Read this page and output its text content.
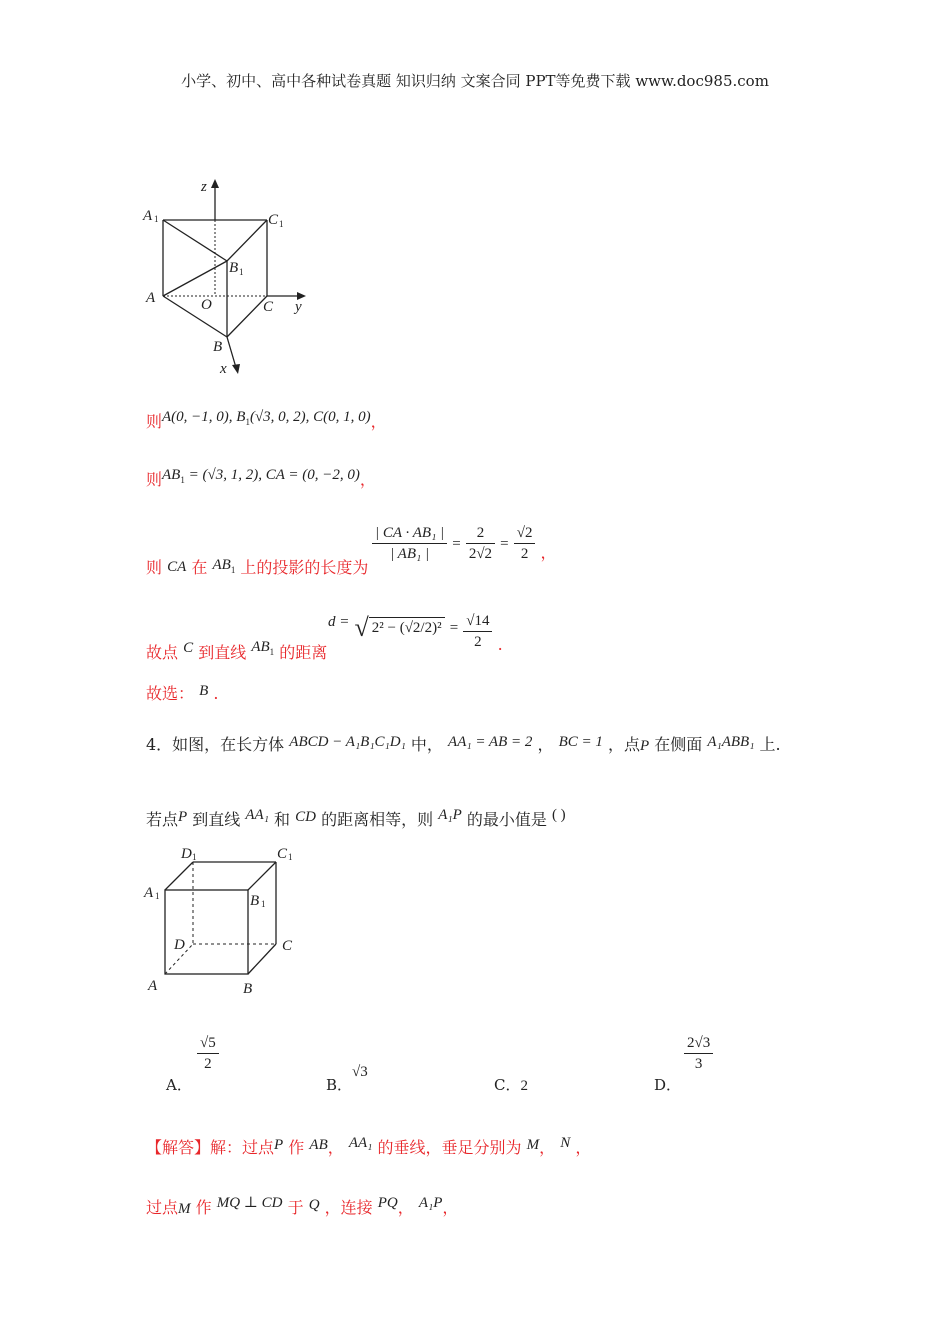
小学、初中、高中各种试卷真题 知识归纳 文案合同 PPT等免费下载 www.doc985.com
z
y
x
A 1	C 1
B 1
A	O	C
B
则A(0, −1, 0), $B_1(√3$, 0, 2), C(0, 1, 0)，
则$AB_1 = (√3$, 1, 2), CA = (0, −2, 0)，
则 CA 在 $AB_1$ 上的投影的长度为
$\frac{\text{| CA · AB₁ |}}{\text{| AB₁ |}} = \frac{2}{2√2} = \frac{√2}{2}$ ，
故点 C 到直线 $AB_1$ 的距离
d = √ $2^2 - (√2/2)^2 = \frac{√14}{2}$ .
故选： B .
4．如图，在长方体 ABCD − A₁B₁C₁D₁ 中， AA₁ = AB = 2 ， BC = 1 ，点P 在侧面 A₁ABB₁ 上.
若点P 到直线 AA₁ 和 CD 的距离相等，则 A₁P 的最小值是 ( )
D 1	C 1
A 1	B 1
D	C
A	B
A．
$\frac{√5}{2}$
B．√3
C．2	D．
$\frac{2√3}{3}$
【解答】解：过点P 作 AB， AA₁ 的垂线，垂足分别为 M， N ，
过点M 作 MQ ⊥ CD 于 Q ，连接 PQ， A₁P，
